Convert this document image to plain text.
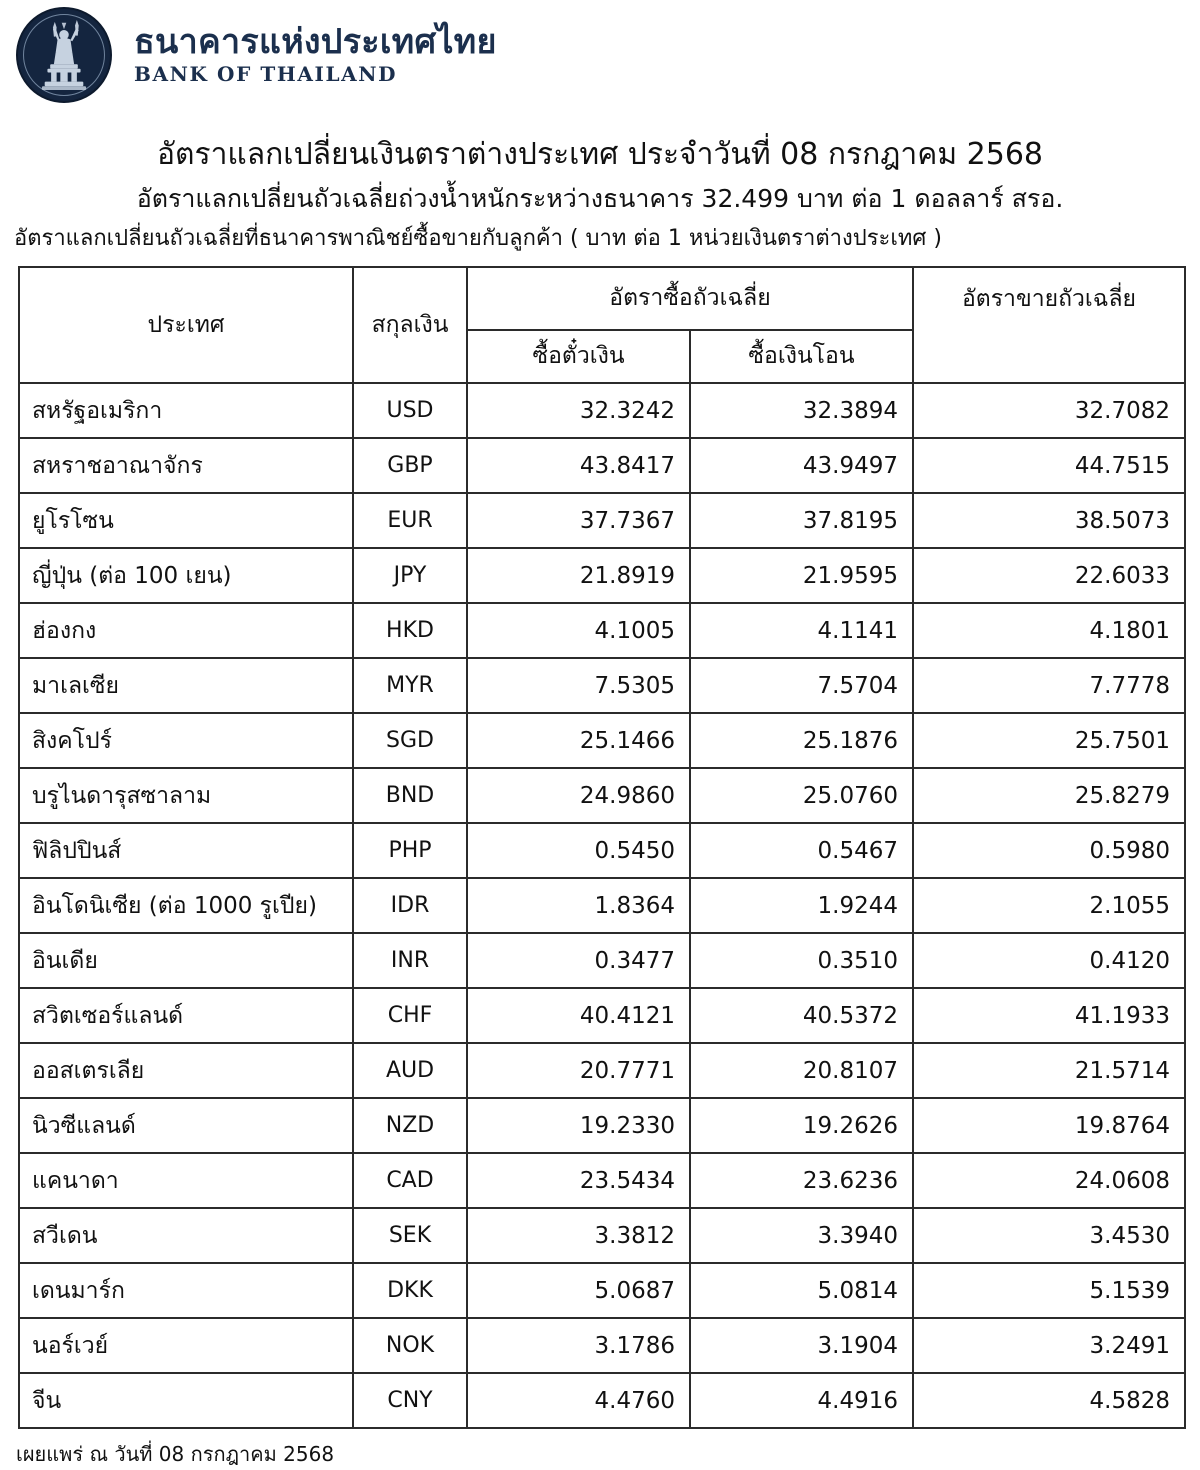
ธนาคารแห่งประเทศไทย
BANK OF THAILAND
อัตราแลกเปลี่ยนเงินตราต่างประเทศ ประจำวันที่ 08 กรกฎาคม 2568
อัตราแลกเปลี่ยนถัวเฉลี่ยถ่วงน้ำหนักระหว่างธนาคาร 32.499 บาท ต่อ 1 ดอลลาร์ สรอ.
อัตราแลกเปลี่ยนถัวเฉลี่ยที่ธนาคารพาณิชย์ซื้อขายกับลูกค้า ( บาท ต่อ 1 หน่วยเงินตราต่างประเทศ )
ประเทศ	สกุลเงิน	อัตราซื้อถัวเฉลี่ย		อัตราขายถัวเฉลี่ย
		ซื้อตั๋วเงิน	ซื้อเงินโอน	
สหรัฐอเมริกา	USD	32.3242	32.3894	32.7082
สหราชอาณาจักร	GBP	43.8417	43.9497	44.7515
ยูโรโซน	EUR	37.7367	37.8195	38.5073
ญี่ปุ่น (ต่อ 100 เยน)	JPY	21.8919	21.9595	22.6033
ฮ่องกง	HKD	4.1005	4.1141	4.1801
มาเลเซีย	MYR	7.5305	7.5704	7.7778
สิงคโปร์	SGD	25.1466	25.1876	25.7501
บรูไนดารุสซาลาม	BND	24.9860	25.0760	25.8279
ฟิลิปปินส์	PHP	0.5450	0.5467	0.5980
อินโดนิเซีย (ต่อ 1000 รูเปีย)	IDR	1.8364	1.9244	2.1055
อินเดีย	INR	0.3477	0.3510	0.4120
สวิตเซอร์แลนด์	CHF	40.4121	40.5372	41.1933
ออสเตรเลีย	AUD	20.7771	20.8107	21.5714
นิวซีแลนด์	NZD	19.2330	19.2626	19.8764
แคนาดา	CAD	23.5434	23.6236	24.0608
สวีเดน	SEK	3.3812	3.3940	3.4530
เดนมาร์ก	DKK	5.0687	5.0814	5.1539
นอร์เวย์	NOK	3.1786	3.1904	3.2491
จีน	CNY	4.4760	4.4916	4.5828
เผยแพร่ ณ วันที่ 08 กรกฎาคม 2568
